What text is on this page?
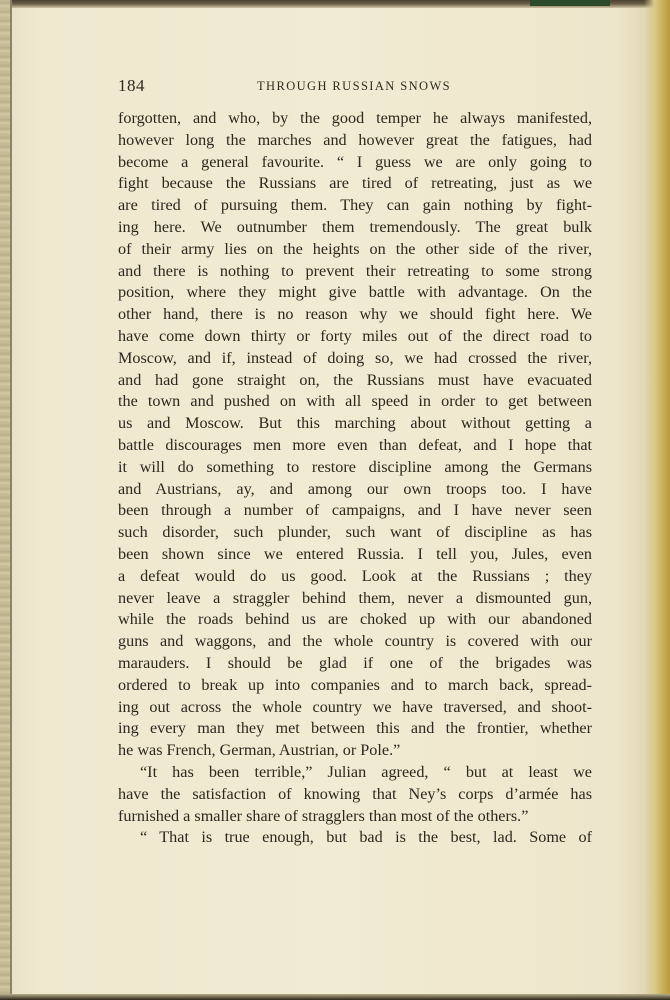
184	THROUGH RUSSIAN SNOWS
forgotten, and who, by the good temper he always manifested,
however long the marches and however great the fatigues, had
become a general favourite. “ I guess we are only going to
fight because the Russians are tired of retreating, just as we
are tired of pursuing them. They can gain nothing by fight-
ing here. We outnumber them tremendously. The great bulk
of their army lies on the heights on the other side of the river,
and there is nothing to prevent their retreating to some strong
position, where they might give battle with advantage. On the
other hand, there is no reason why we should fight here. We
have come down thirty or forty miles out of the direct road to
Moscow, and if, instead of doing so, we had crossed the river,
and had gone straight on, the Russians must have evacuated
the town and pushed on with all speed in order to get between
us and Moscow. But this marching about without getting a
battle discourages men more even than defeat, and I hope that
it will do something to restore discipline among the Germans
and Austrians, ay, and among our own troops too. I have
been through a number of campaigns, and I have never seen
such disorder, such plunder, such want of discipline as has
been shown since we entered Russia. I tell you, Jules, even
a defeat would do us good. Look at the Russians ; they
never leave a straggler behind them, never a dismounted gun,
while the roads behind us are choked up with our abandoned
guns and waggons, and the whole country is covered with our
marauders. I should be glad if one of the brigades was
ordered to break up into companies and to march back, spread-
ing out across the whole country we have traversed, and shoot-
ing every man they met between this and the frontier, whether
he was French, German, Austrian, or Pole.”
“It has been terrible,” Julian agreed, “ but at least we
have the satisfaction of knowing that Ney’s corps d’armée has
furnished a smaller share of stragglers than most of the others.”
“ That is true enough, but bad is the best, lad. Some of
